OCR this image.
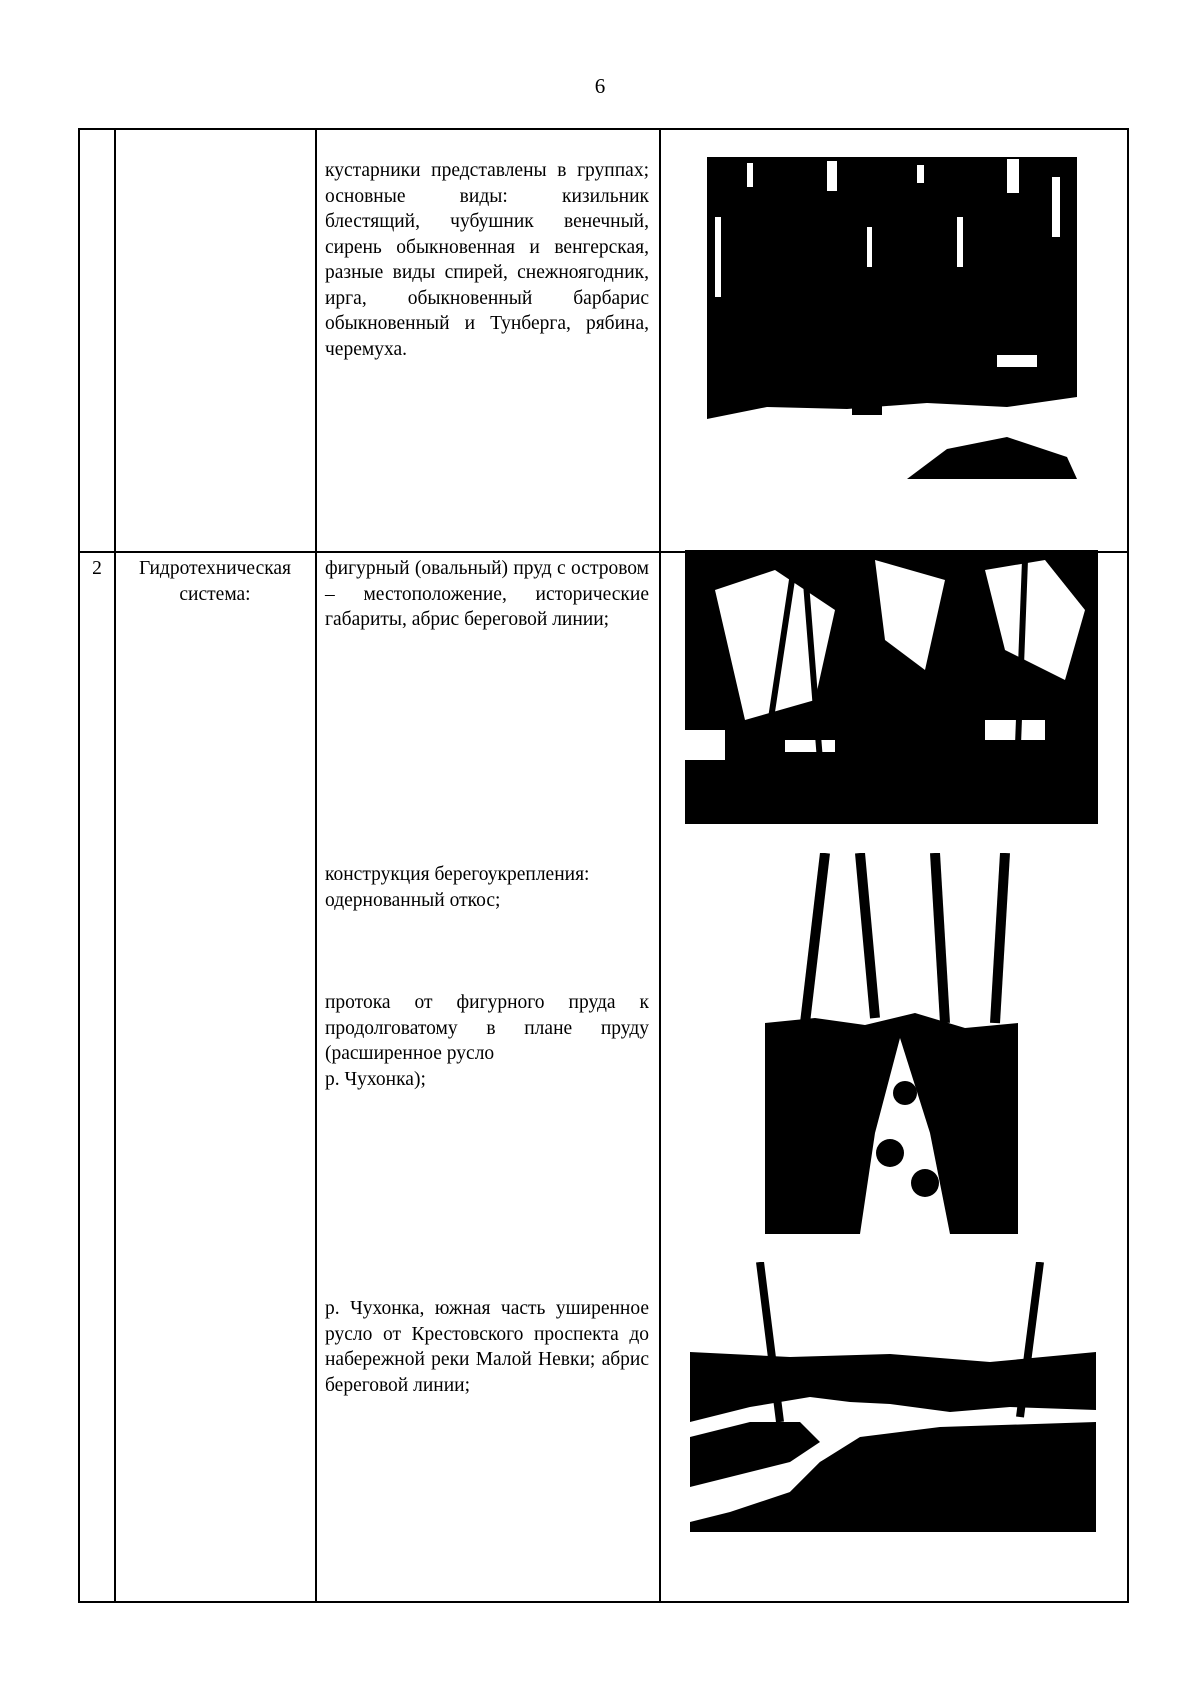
6
2	Гидротехническая система:

кустарники представлены в группах; основные виды: кизильник блестящий, чубушник венечный, сирень обыкновенная и венгерская, разные виды спирей, снежноягодник, ирга, обыкновенный барбарис обыкновенный и Тунберга, рябина, черемуха.

фигурный (овальный) пруд с островом – местоположение, исторические габариты, абрис береговой линии;

конструкция берегоукрепления: одернованный откос;

протока от фигурного пруда к продолговатому в плане пруду (расширенное русло

р. Чухонка);

р. Чухонка, южная часть уширенное русло от Крестовского проспекта до набережной реки Малой Невки; абрис береговой линии;
